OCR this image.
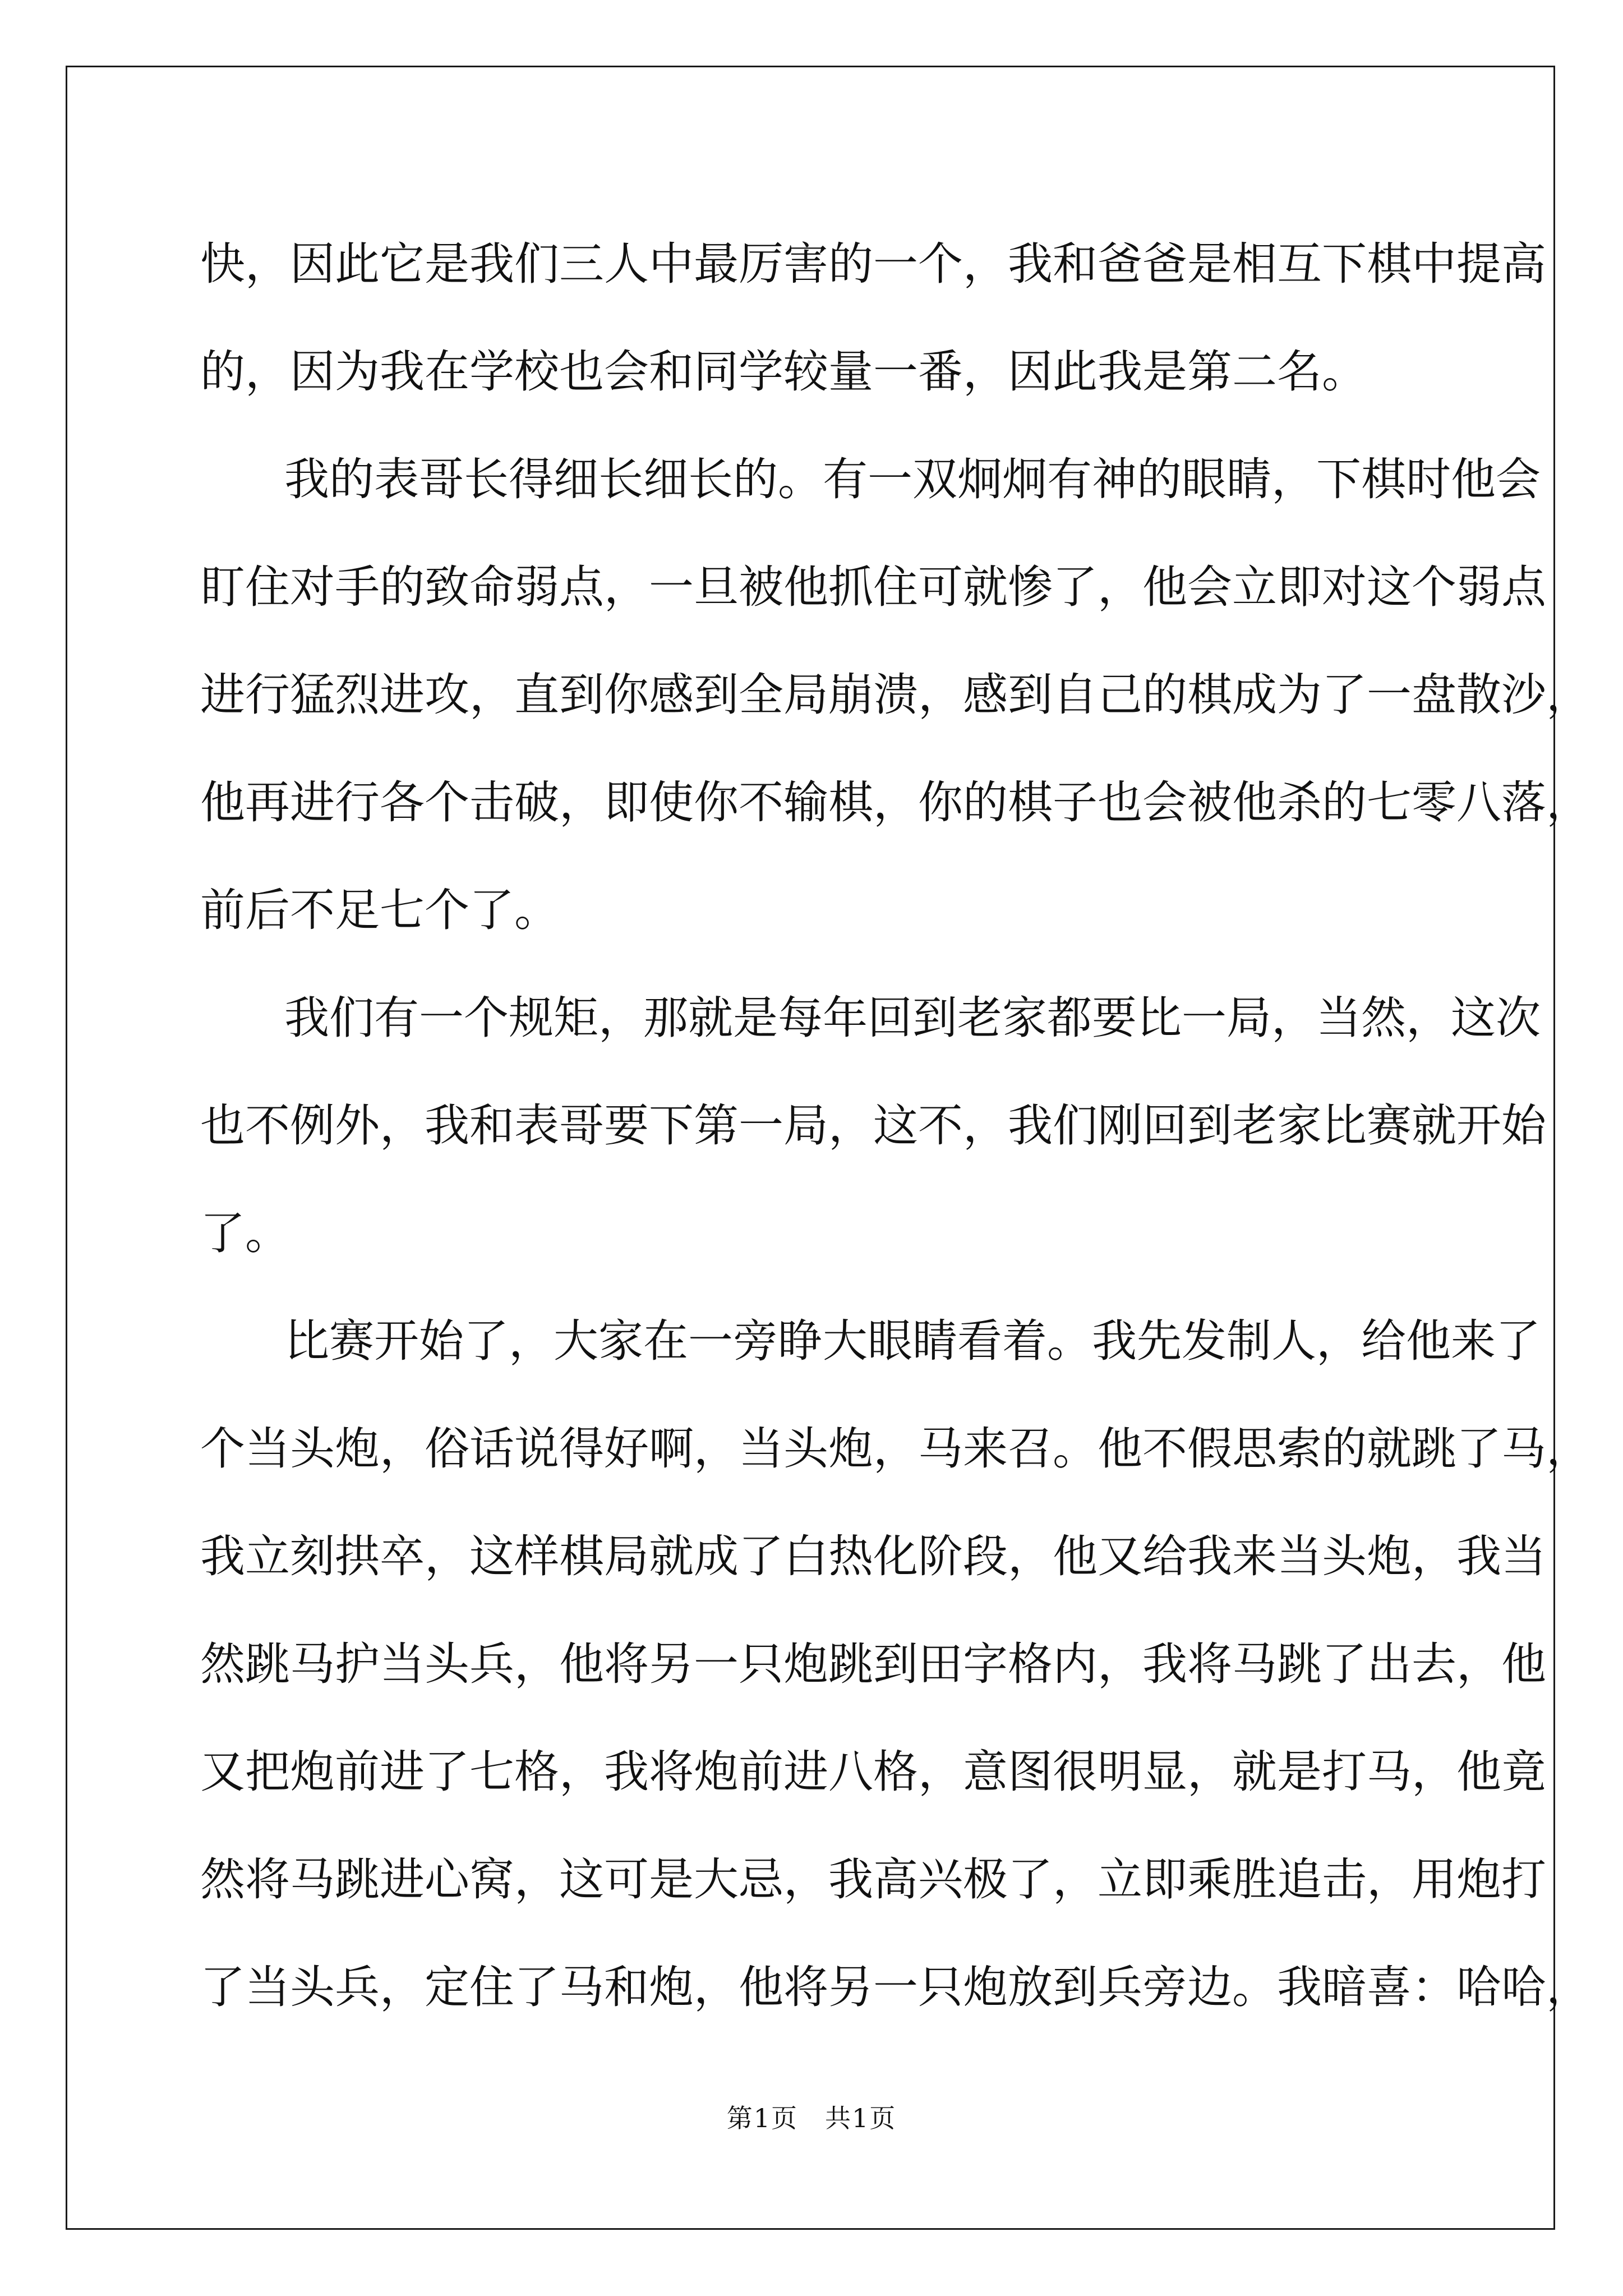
快，因此它是我们三人中最厉害的一个，我和爸爸是相互下棋中提高
的，因为我在学校也会和同学较量一番，因此我是第二名。
我的表哥长得细长细长的。有一双炯炯有神的眼睛，下棋时他会
盯住对手的致命弱点，一旦被他抓住可就惨了，他会立即对这个弱点
进行猛烈进攻，直到你感到全局崩溃，感到自己的棋成为了一盘散沙，
他再进行各个击破，即使你不输棋，你的棋子也会被他杀的七零八落，
前后不足七个了。
我们有一个规矩，那就是每年回到老家都要比一局，当然，这次
也不例外，我和表哥要下第一局，这不，我们刚回到老家比赛就开始
了。
比赛开始了，大家在一旁睁大眼睛看着。我先发制人，给他来了
个当头炮，俗话说得好啊，当头炮，马来召。他不假思索的就跳了马，
我立刻拱卒，这样棋局就成了白热化阶段，他又给我来当头炮，我当
然跳马护当头兵，他将另一只炮跳到田字格内，我将马跳了出去，他
又把炮前进了七格，我将炮前进八格，意图很明显，就是打马，他竟
然将马跳进心窝，这可是大忌，我高兴极了，立即乘胜追击，用炮打
了当头兵，定住了马和炮，他将另一只炮放到兵旁边。我暗喜：哈哈，
第1页　共1页
